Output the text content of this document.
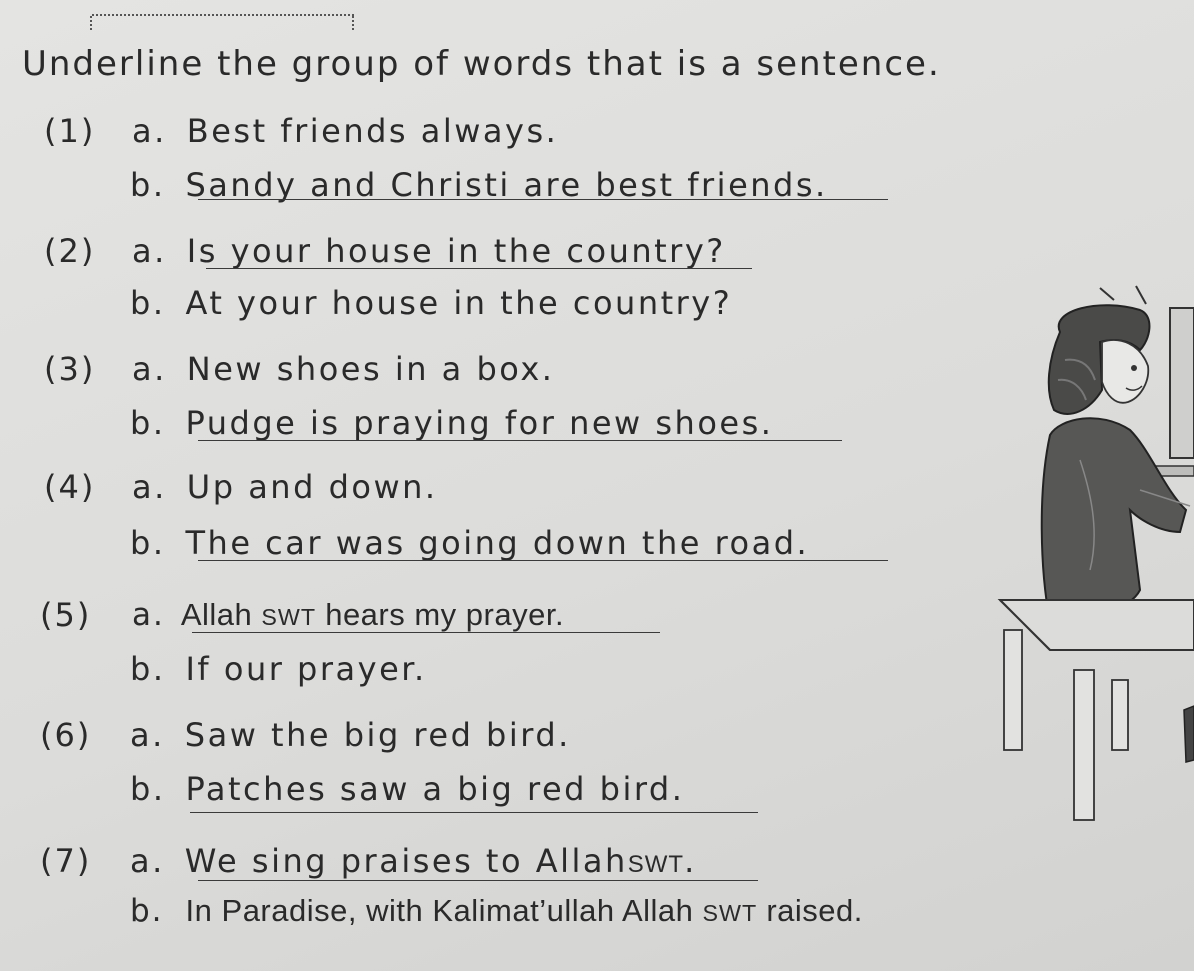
Underline the group of words that is a sentence.
(1) a. Best friends always.
b. Sandy and Christi are best friends.
(2) a. Is your house in the country?
b. At your house in the country?
(3) a. New shoes in a box.
b. Pudge is praying for new shoes.
(4) a. Up and down.
b. The car was going down the road.
(5) a. Allah SWT hears my prayer.
b. If our prayer.
(6) a. Saw the big red bird.
b. Patches saw a big red bird.
(7) a. We sing praises to AllahSWT.
b. In Paradise, with Kalimat’ullah Allah SWT raised.
